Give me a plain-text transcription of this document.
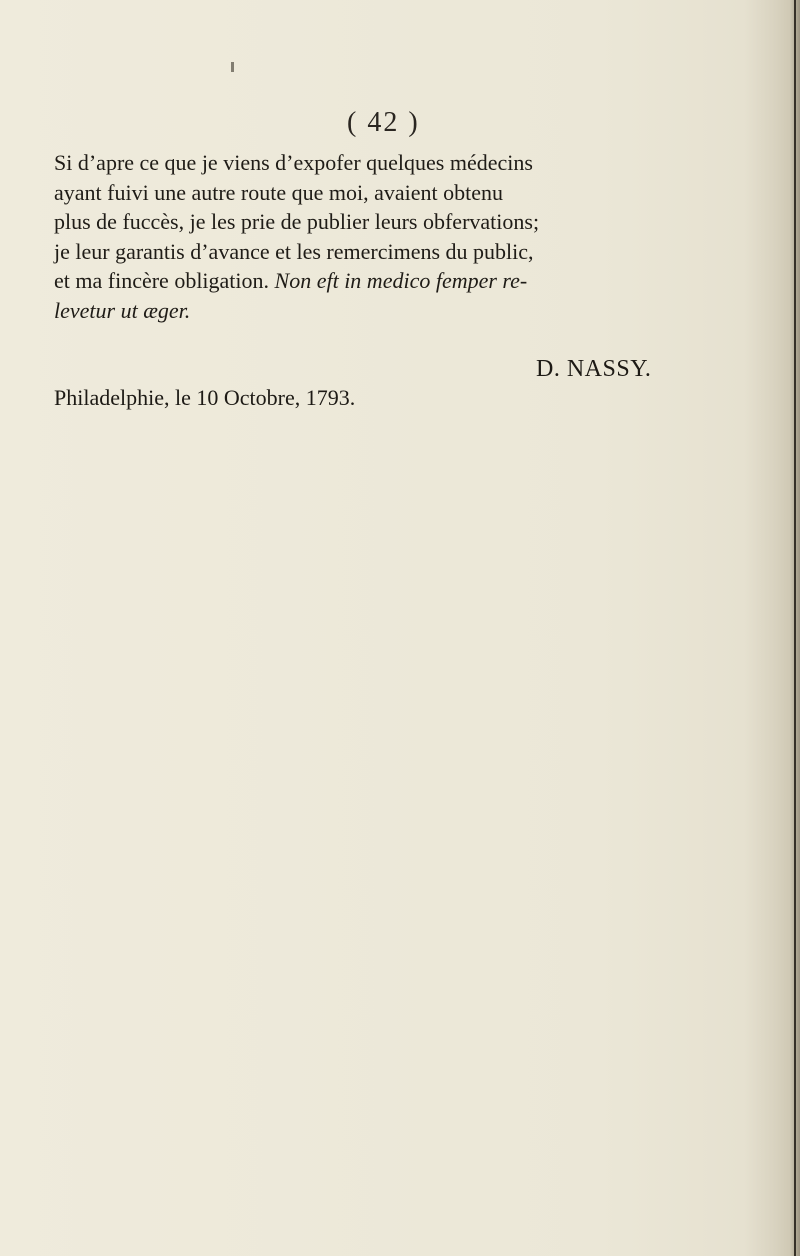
( 42 )
Si d’apre ce que je viens d’expofer quelques médecins
ayant fuivi une autre route que moi, avaient obtenu
plus de fuccès, je les prie de publier leurs obfervations;
je leur garantis d’avance et les remercimens du public,
et ma fincère obligation. Non eft in medico femper re-
levetur ut æger.
D. NASSY.
Philadelphie, le 10 Octobre, 1793.
